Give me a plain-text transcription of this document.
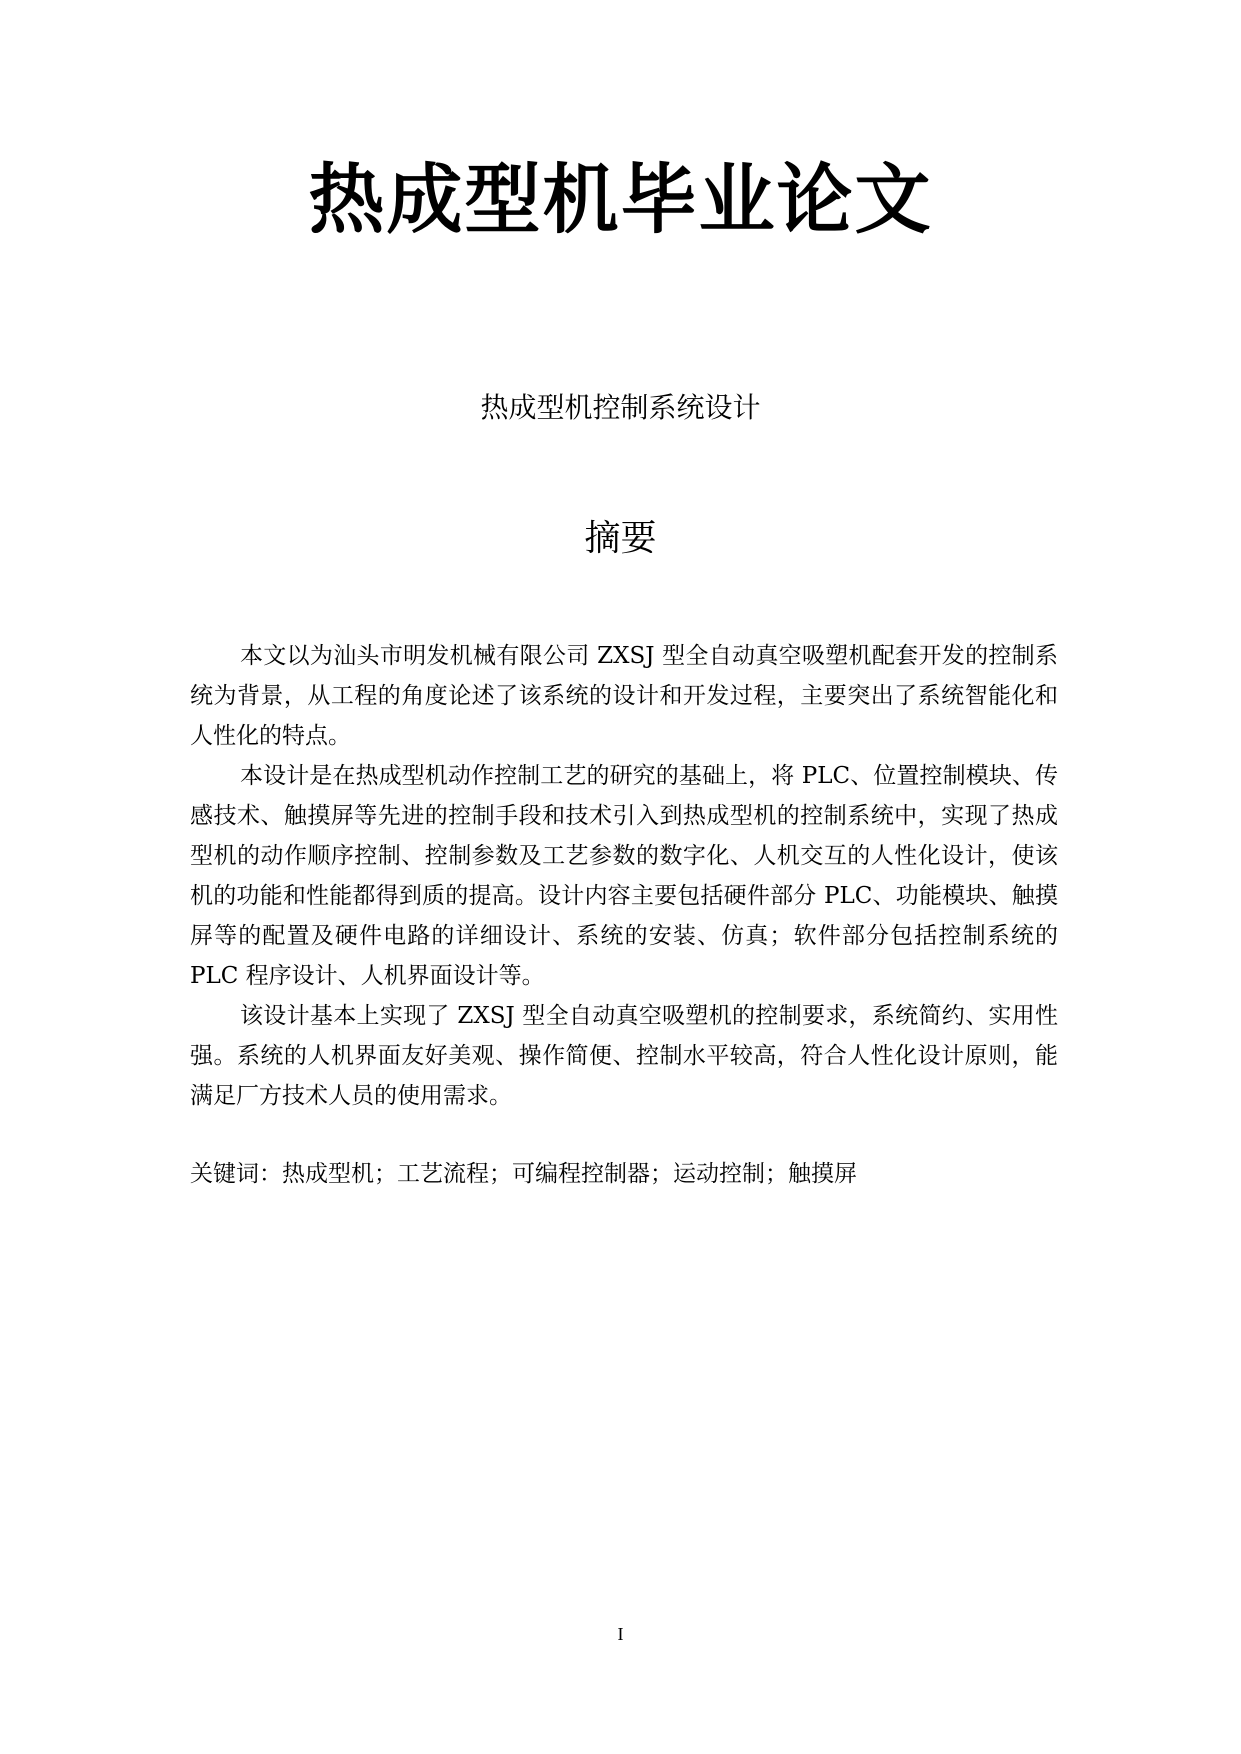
热成型机毕业论文
热成型机控制系统设计
摘要

本文以为汕头市明发机械有限公司 ZXSJ 型全自动真空吸塑机配套开发的控制系统为背景，从工程的角度论述了该系统的设计和开发过程，主要突出了系统智能化和人性化的特点。

本设计是在热成型机动作控制工艺的研究的基础上，将 PLC、位置控制模块、传感技术、触摸屏等先进的控制手段和技术引入到热成型机的控制系统中，实现了热成型机的动作顺序控制、控制参数及工艺参数的数字化、人机交互的人性化设计，使该机的功能和性能都得到质的提高。设计内容主要包括硬件部分 PLC、功能模块、触摸屏等的配置及硬件电路的详细设计、系统的安装、仿真；软件部分包括控制系统的 PLC 程序设计、人机界面设计等。

该设计基本上实现了 ZXSJ 型全自动真空吸塑机的控制要求，系统简约、实用性强。系统的人机界面友好美观、操作简便、控制水平较高，符合人性化设计原则，能满足厂方技术人员的使用需求。

关键词：热成型机；工艺流程；可编程控制器；运动控制；触摸屏
I
